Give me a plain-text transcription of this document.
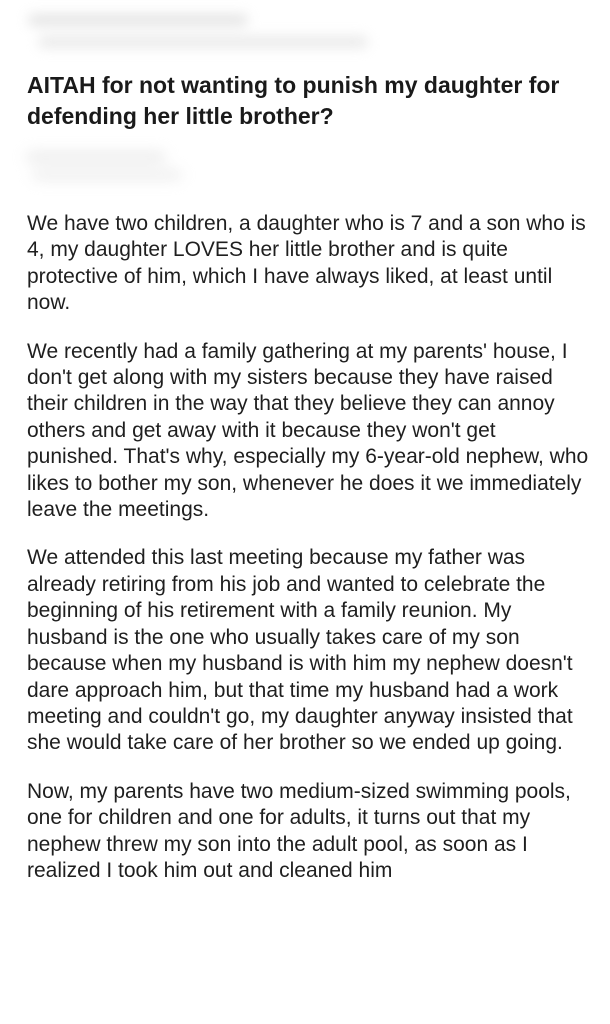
AITAH for not wanting to punish my daughter for defending her little brother?

We have two children, a daughter who is 7 and a son who is 4, my daughter LOVES her little brother and is quite protective of him, which I have always liked, at least until now.

We recently had a family gathering at my parents' house, I don't get along with my sisters because they have raised their children in the way that they believe they can annoy others and get away with it because they won't get punished. That's why, especially my 6-year-old nephew, who likes to bother my son, whenever he does it we immediately leave the meetings.

We attended this last meeting because my father was already retiring from his job and wanted to celebrate the beginning of his retirement with a family reunion. My husband is the one who usually takes care of my son because when my husband is with him my nephew doesn't dare approach him, but that time my husband had a work meeting and couldn't go, my daughter anyway insisted that she would take care of her brother so we ended up going.

Now, my parents have two medium-sized swimming pools, one for children and one for adults, it turns out that my nephew threw my son into the adult pool, as soon as I realized I took him out and cleaned him
